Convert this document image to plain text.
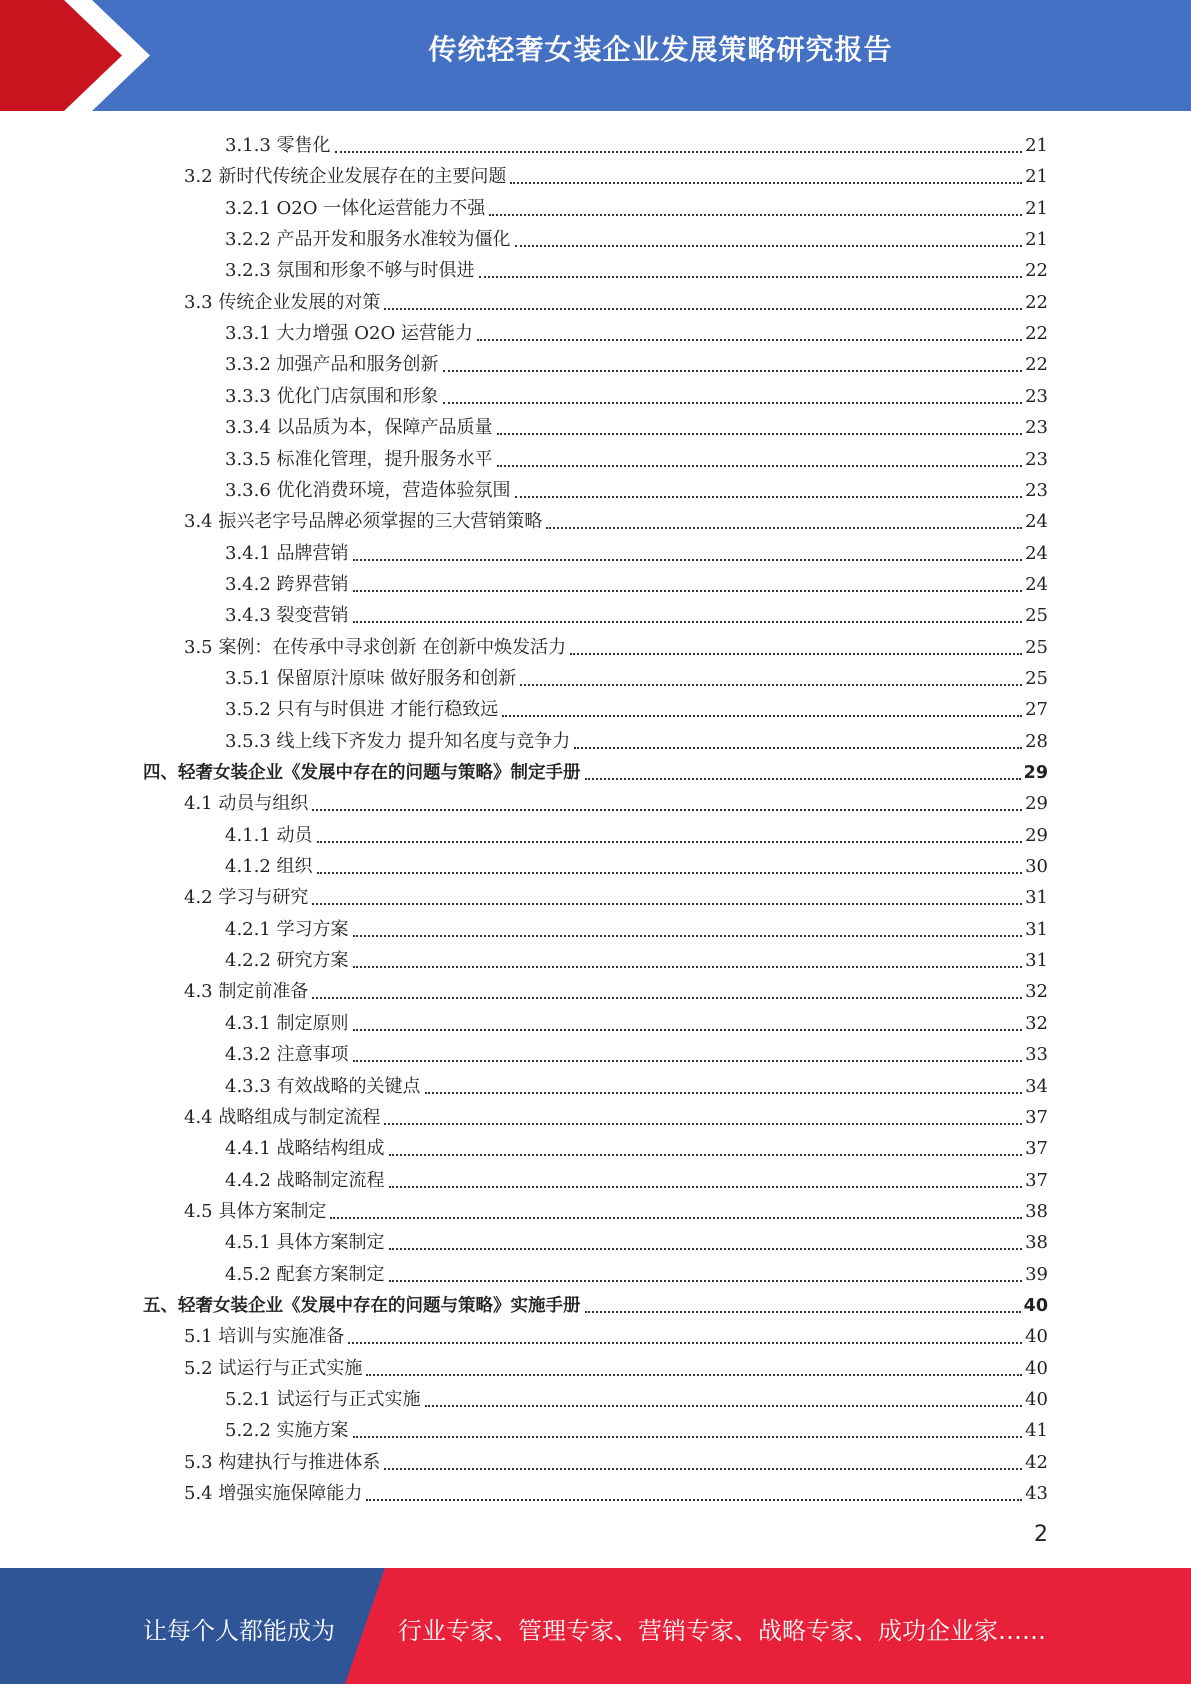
传统轻奢女装企业发展策略研究报告
3.1.3 零售化	21
3.2 新时代传统企业发展存在的主要问题	21
3.2.1 O2O 一体化运营能力不强	21
3.2.2 产品开发和服务水准较为僵化	21
3.2.3 氛围和形象不够与时俱进	22
3.3 传统企业发展的对策	22
3.3.1 大力增强 O2O 运营能力	22
3.3.2 加强产品和服务创新	22
3.3.3 优化门店氛围和形象	23
3.3.4 以品质为本，保障产品质量	23
3.3.5 标准化管理，提升服务水平	23
3.3.6 优化消费环境，营造体验氛围	23
3.4 振兴老字号品牌必须掌握的三大营销策略	24
3.4.1 品牌营销	24
3.4.2 跨界营销	24
3.4.3 裂变营销	25
3.5 案例：在传承中寻求创新 在创新中焕发活力	25
3.5.1 保留原汁原味 做好服务和创新	25
3.5.2 只有与时俱进 才能行稳致远	27
3.5.3 线上线下齐发力 提升知名度与竞争力	28
四、轻奢女装企业《发展中存在的问题与策略》制定手册	29
4.1 动员与组织	29
4.1.1 动员	29
4.1.2 组织	30
4.2 学习与研究	31
4.2.1 学习方案	31
4.2.2 研究方案	31
4.3 制定前准备	32
4.3.1 制定原则	32
4.3.2 注意事项	33
4.3.3 有效战略的关键点	34
4.4 战略组成与制定流程	37
4.4.1 战略结构组成	37
4.4.2 战略制定流程	37
4.5 具体方案制定	38
4.5.1 具体方案制定	38
4.5.2 配套方案制定	39
五、轻奢女装企业《发展中存在的问题与策略》实施手册	40
5.1 培训与实施准备	40
5.2 试运行与正式实施	40
5.2.1 试运行与正式实施	40
5.2.2 实施方案	41
5.3 构建执行与推进体系	42
5.4 增强实施保障能力	43
2
让每个人都能成为	行业专家、管理专家、营销专家、战略专家、成功企业家……
